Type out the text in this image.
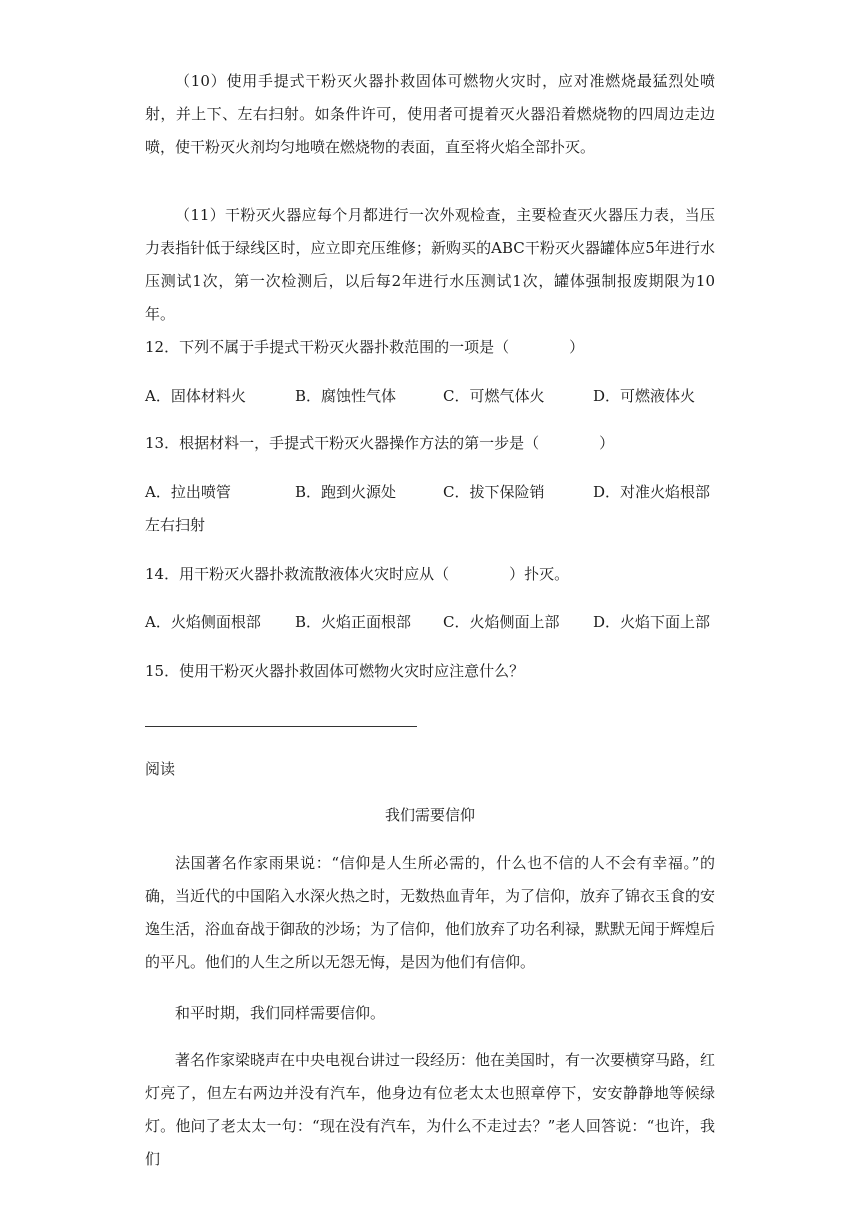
（10）使用手提式干粉灭火器扑救固体可燃物火灾时，应对准燃烧最猛烈处喷射，并上下、左右扫射。如条件许可，使用者可提着灭火器沿着燃烧物的四周边走边喷，使干粉灭火剂均匀地喷在燃烧物的表面，直至将火焰全部扑灭。
（11）干粉灭火器应每个月都进行一次外观检查，主要检查灭火器压力表，当压力表指针低于绿线区时，应立即充压维修；新购买的ABC干粉灭火器罐体应5年进行水压测试1次，第一次检测后，以后每2年进行水压测试1次，罐体强制报废期限为10年。
12．下列不属于手提式干粉灭火器扑救范围的一项是（　　　　）
A．固体材料火	B．腐蚀性气体	C．可燃气体火	D．可燃液体火
13．根据材料一，手提式干粉灭火器操作方法的第一步是（　　　　）
A．拉出喷管	B．跑到火源处	C．拔下保险销	D．对准火焰根部
左右扫射
14．用干粉灭火器扑救流散液体火灾时应从（　　　　）扑灭。
A．火焰侧面根部 B．火焰正面根部 C．火焰侧面上部 D．火焰下面上部
15．使用干粉灭火器扑救固体可燃物火灾时应注意什么？
阅读
我们需要信仰
法国著名作家雨果说：“信仰是人生所必需的，什么也不信的人不会有幸福。”的确，当近代的中国陷入水深火热之时，无数热血青年，为了信仰，放弃了锦衣玉食的安逸生活，浴血奋战于御敌的沙场；为了信仰，他们放弃了功名利禄，默默无闻于辉煌后的平凡。他们的人生之所以无怨无悔，是因为他们有信仰。
和平时期，我们同样需要信仰。
著名作家梁晓声在中央电视台讲过一段经历：他在美国时，有一次要横穿马路，红灯亮了，但左右两边并没有汽车，他身边有位老太太也照章停下，安安静静地等候绿灯。他问了老太太一句：“现在没有汽车，为什么不走过去？”老人回答说：“也许，我们
